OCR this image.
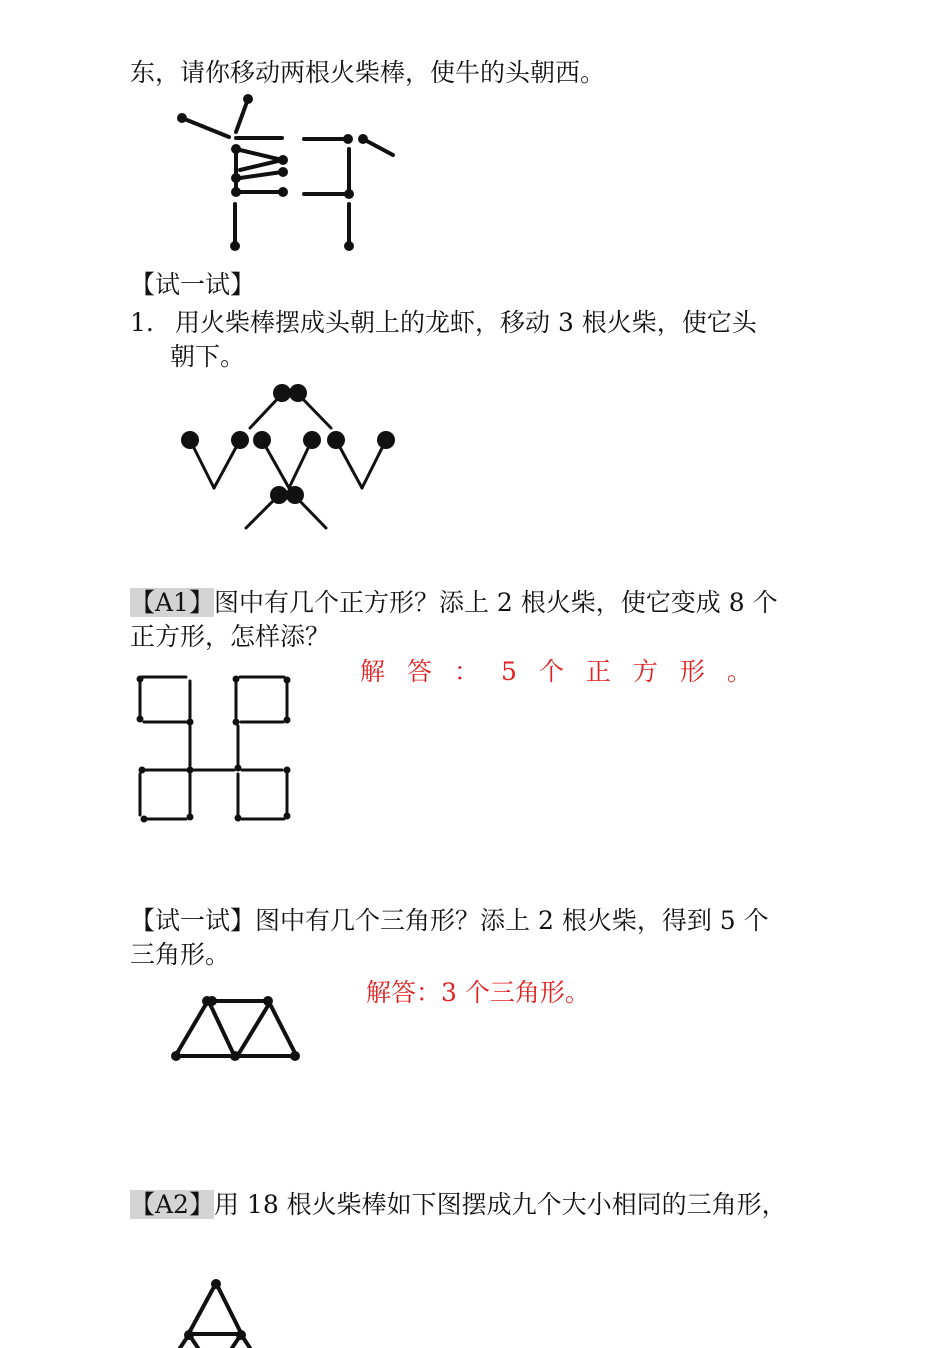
东，请你移动两根火柴棒，使牛的头朝西。

【试一试】

1. 用火柴棒摆成头朝上的龙虾，移动 3 根火柴，使它头

朝下。

【A1】图中有几个正方形？添上 2 根火柴，使它变成 8 个

正方形，怎样添？

解答：5个正方形。

【试一试】图中有几个三角形？添上 2 根火柴，得到 5 个

三角形。

解答：3 个三角形。

【A2】用 18 根火柴棒如下图摆成九个大小相同的三角形，
